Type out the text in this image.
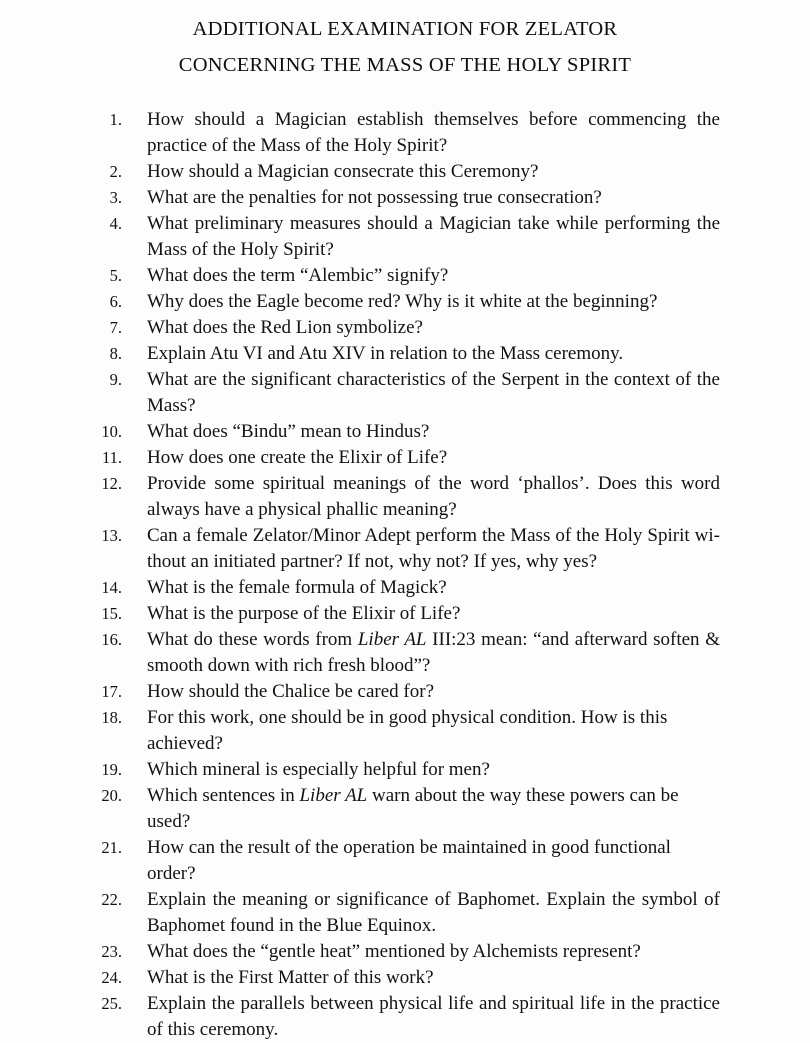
ADDITIONAL EXAMINATION FOR ZELATOR
CONCERNING THE MASS OF THE HOLY SPIRIT
1. How should a Magician establish themselves before commencing the practice of the Mass of the Holy Spirit?
2. How should a Magician consecrate this Ceremony?
3. What are the penalties for not possessing true consecration?
4. What preliminary measures should a Magician take while performing the Mass of the Holy Spirit?
5. What does the term “Alembic” signify?
6. Why does the Eagle become red? Why is it white at the beginning?
7. What does the Red Lion symbolize?
8. Explain Atu VI and Atu XIV in relation to the Mass ceremony.
9. What are the significant characteristics of the Serpent in the context of the Mass?
10. What does “Bindu” mean to Hindus?
11. How does one create the Elixir of Life?
12. Provide some spiritual meanings of the word ‘phallos’. Does this word always have a physical phallic meaning?
13. Can a female Zelator/Minor Adept perform the Mass of the Holy Spirit wi-thout an initiated partner? If not, why not? If yes, why yes?
14. What is the female formula of Magick?
15. What is the purpose of the Elixir of Life?
16. What do these words from Liber AL III:23 mean: “and afterward soften & smooth down with rich fresh blood”?
17. How should the Chalice be cared for?
18. For this work, one should be in good physical condition. How is this achieved?
19. Which mineral is especially helpful for men?
20. Which sentences in Liber AL warn about the way these powers can be used?
21. How can the result of the operation be maintained in good functional order?
22. Explain the meaning or significance of Baphomet. Explain the symbol of Baphomet found in the Blue Equinox.
23. What does the “gentle heat” mentioned by Alchemists represent?
24. What is the First Matter of this work?
25. Explain the parallels between physical life and spiritual life in the practice of this ceremony.
